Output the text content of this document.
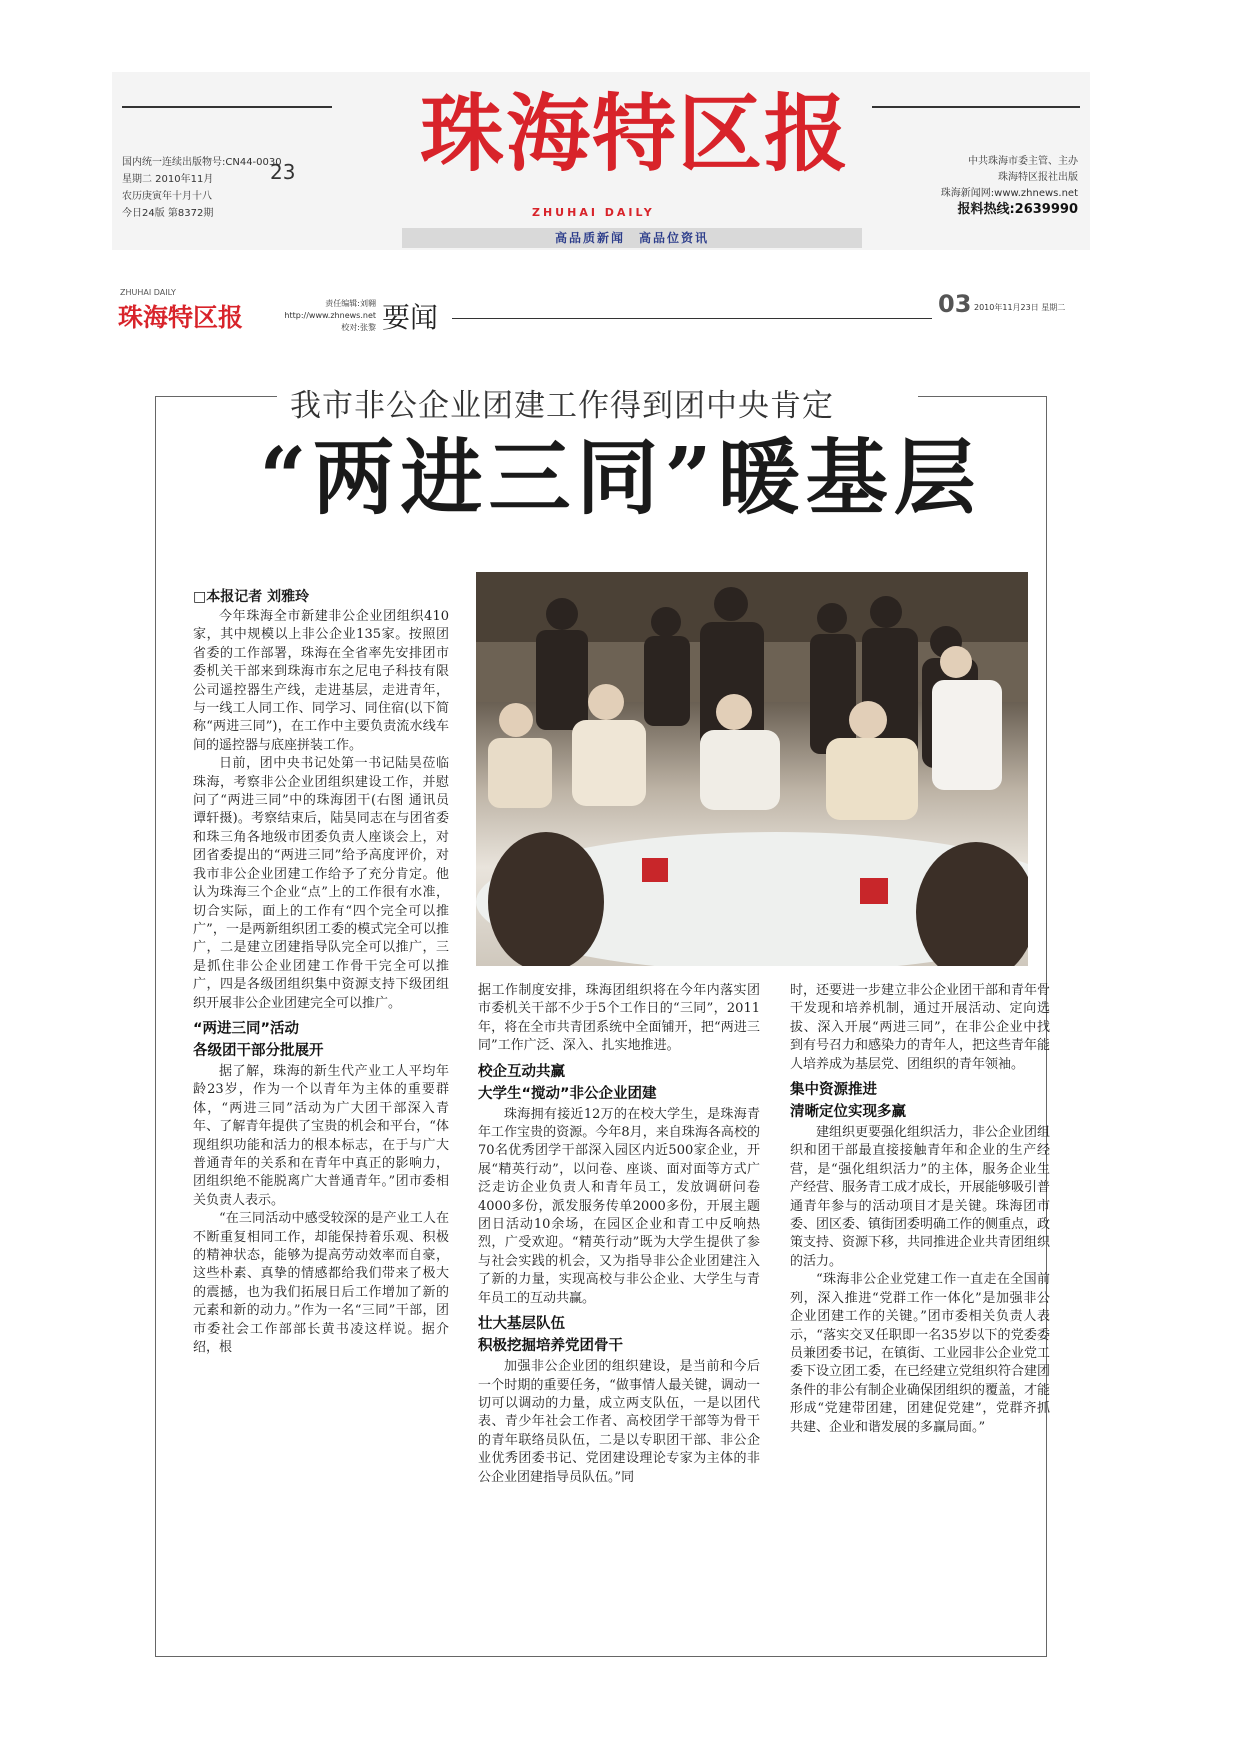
国内统一连续出版物号:CN44-0030
星期二 2010年11月
农历庚寅年十月十八
今日24版 第8372期
23	珠海特区报
ZHUHAI DAILY
高品质新闻　高品位资讯
中共珠海市委主管、主办
珠海特区报社出版
珠海新闻网:www.zhnews.net
报料热线:2639990
ZHUHAI DAILY
珠海特区报	责任编辑:刘翱
http://www.zhnews.net
校对:张黎 要闻	03 2010年11月23日 星期二
我市非公企业团建工作得到团中央肯定
“两进三同”暖基层
□本报记者 刘雅玲

今年珠海全市新建非公企业团组织410家，其中规模以上非公企业135家。按照团省委的工作部署，珠海在全省率先安排团市委机关干部来到珠海市东之尼电子科技有限公司遥控器生产线，走进基层，走进青年，与一线工人同工作、同学习、同住宿(以下简称“两进三同”)，在工作中主要负责流水线车间的遥控器与底座拼装工作。

日前，团中央书记处第一书记陆昊莅临珠海，考察非公企业团组织建设工作，并慰问了“两进三同”中的珠海团干(右图 通讯员 谭轩摄)。考察结束后，陆昊同志在与团省委和珠三角各地级市团委负责人座谈会上，对团省委提出的“两进三同”给予高度评价，对我市非公企业团建工作给予了充分肯定。他认为珠海三个企业“点”上的工作很有水准，切合实际，面上的工作有“四个完全可以推广”，一是两新组织团工委的模式完全可以推广，二是建立团建指导队完全可以推广，三是抓住非公企业团建工作骨干完全可以推广，四是各级团组织集中资源支持下级团组织开展非公企业团建完全可以推广。

“两进三同”活动
各级团干部分批展开

据了解，珠海的新生代产业工人平均年龄23岁，作为一个以青年为主体的重要群体，“两进三同”活动为广大团干部深入青年、了解青年提供了宝贵的机会和平台，“体现组织功能和活力的根本标志，在于与广大普通青年的关系和在青年中真正的影响力，团组织绝不能脱离广大普通青年。”团市委相关负责人表示。

“在三同活动中感受较深的是产业工人在不断重复相同工作，却能保持着乐观、积极的精神状态，能够为提高劳动效率而自豪，这些朴素、真挚的情感都给我们带来了极大的震撼，也为我们拓展日后工作增加了新的元素和新的动力。”作为一名“三同”干部，团市委社会工作部部长黄书凌这样说。据介绍，根

据工作制度安排，珠海团组织将在今年内落实团市委机关干部不少于5个工作日的“三同”，2011年，将在全市共青团系统中全面铺开，把“两进三同”工作广泛、深入、扎实地推进。

校企互动共赢
大学生“搅动”非公企业团建

珠海拥有接近12万的在校大学生，是珠海青年工作宝贵的资源。今年8月，来自珠海各高校的70名优秀团学干部深入园区内近500家企业，开展“精英行动”，以问卷、座谈、面对面等方式广泛走访企业负责人和青年员工，发放调研问卷4000多份，派发服务传单2000多份，开展主题团日活动10余场，在园区企业和青工中反响热烈，广受欢迎。“精英行动”既为大学生提供了参与社会实践的机会，又为指导非公企业团建注入了新的力量，实现高校与非公企业、大学生与青年员工的互动共赢。

壮大基层队伍
积极挖掘培养党团骨干

加强非公企业团的组织建设，是当前和今后一个时期的重要任务，“做事情人最关键，调动一切可以调动的力量，成立两支队伍，一是以团代表、青少年社会工作者、高校团学干部等为骨干的青年联络员队伍，二是以专职团干部、非公企业优秀团委书记、党团建设理论专家为主体的非公企业团建指导员队伍。”同

时，还要进一步建立非公企业团干部和青年骨干发现和培养机制，通过开展活动、定向选拔、深入开展“两进三同”，在非公企业中找到有号召力和感染力的青年人，把这些青年能人培养成为基层党、团组织的青年领袖。

集中资源推进
清晰定位实现多赢

建组织更要强化组织活力，非公企业团组织和团干部最直接接触青年和企业的生产经营，是“强化组织活力”的主体，服务企业生产经营、服务青工成才成长，开展能够吸引普通青年参与的活动项目才是关键。珠海团市委、团区委、镇街团委明确工作的侧重点，政策支持、资源下移，共同推进企业共青团组织的活力。

“珠海非公企业党建工作一直走在全国前列，深入推进“党群工作一体化”是加强非公企业团建工作的关键。”团市委相关负责人表示，“落实交叉任职即一名35岁以下的党委委员兼团委书记，在镇街、工业园非公企业党工委下设立团工委，在已经建立党组织符合建团条件的非公有制企业确保团组织的覆盖，才能形成“党建带团建，团建促党建”，党群齐抓共建、企业和谐发展的多赢局面。”
